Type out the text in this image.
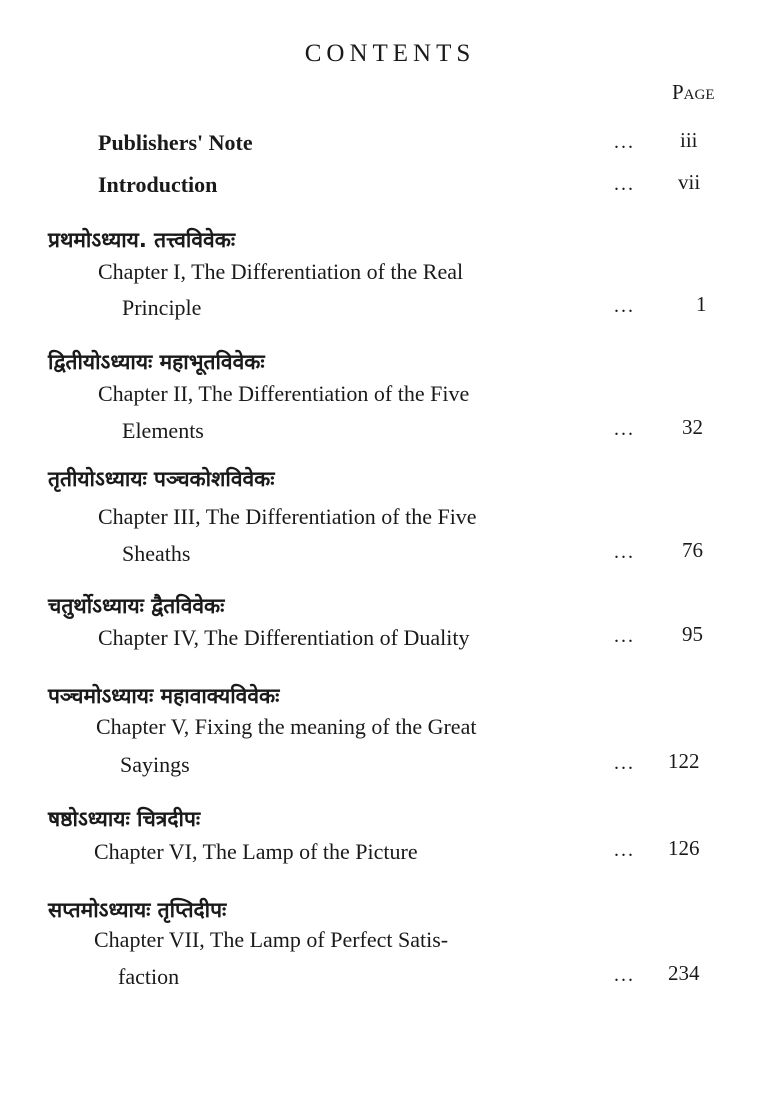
CONTENTS
Page
Publishers' Note	... iii
Introduction	... vii
प्रथमोऽध्याय. तत्त्वविवेकः
Chapter I, The Differentiation of the Real
Principle	...	1
द्वितीयोऽध्यायः महाभूतविवेकः
Chapter II, The Differentiation of the Five
Elements	... 32
तृतीयोऽध्यायः पञ्चकोशविवेकः
Chapter III, The Differentiation of the Five
Sheaths	... 76
चतुर्थोऽध्यायः द्वैतविवेकः
Chapter IV, The Differentiation of Duality	... 95
पञ्चमोऽध्यायः महावाक्यविवेकः
Chapter V, Fixing the meaning of the Great
Sayings	... 122
षष्ठोऽध्यायः चित्रदीपः
Chapter VI, The Lamp of the Picture	... 126
सप्तमोऽध्यायः तृप्तिदीपः
Chapter VII, The Lamp of Perfect Satis-
faction	... 234
